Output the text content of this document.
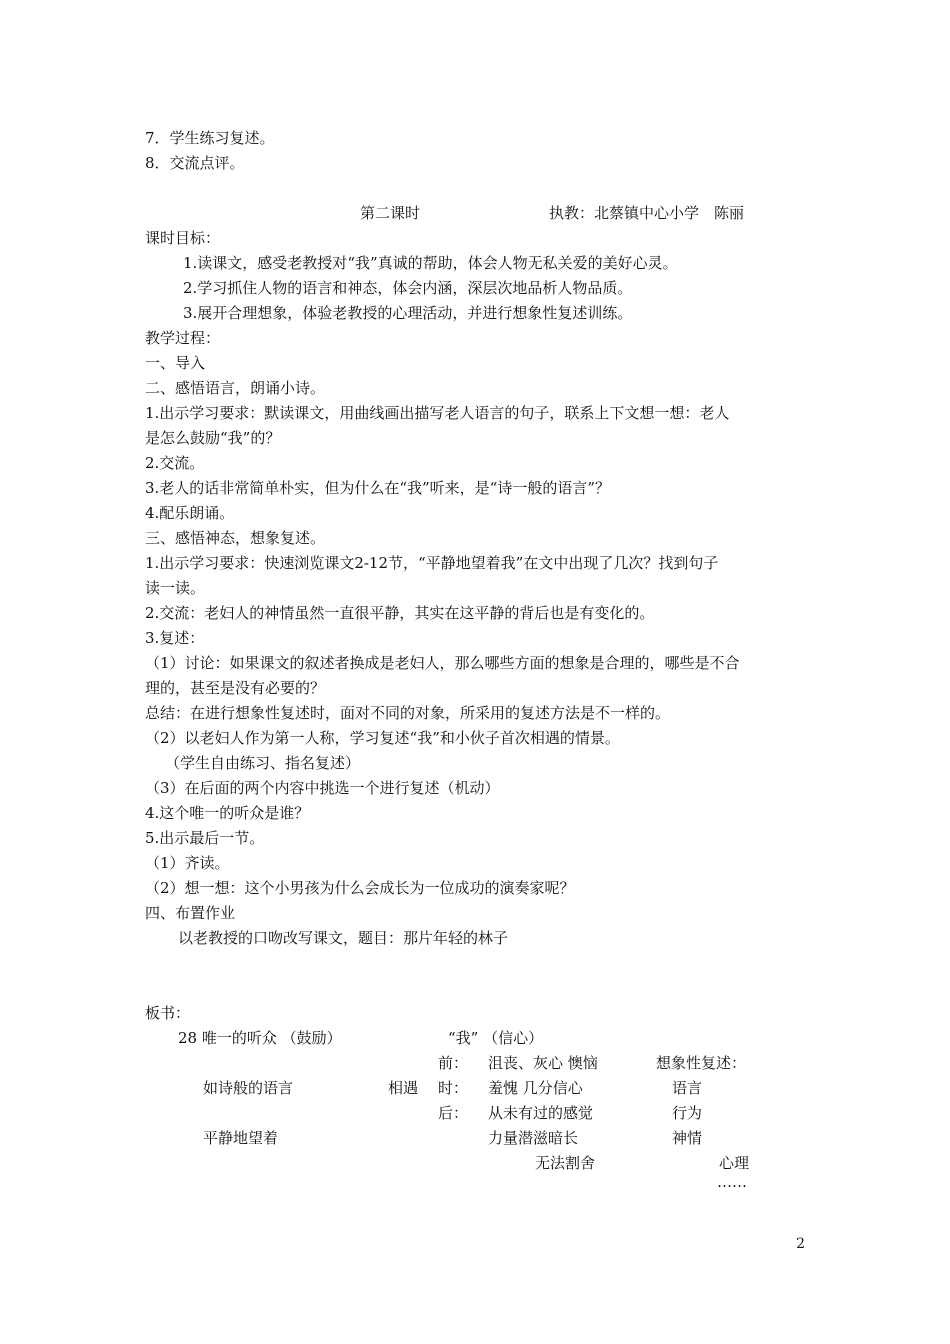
7．学生练习复述。
8．交流点评。
第二课时	执教：北蔡镇中心小学　陈丽
课时目标：
1.读课文，感受老教授对“我”真诚的帮助，体会人物无私关爱的美好心灵。
2.学习抓住人物的语言和神态，体会内涵，深层次地品析人物品质。
3.展开合理想象，体验老教授的心理活动，并进行想象性复述训练。
教学过程：
一、导入
二、感悟语言，朗诵小诗。
1.出示学习要求：默读课文，用曲线画出描写老人语言的句子，联系上下文想一想：老人
是怎么鼓励“我”的？
2.交流。
3.老人的话非常简单朴实，但为什么在“我”听来，是“诗一般的语言”？
4.配乐朗诵。
三、感悟神态，想象复述。
1.出示学习要求：快速浏览课文2-12节，“平静地望着我”在文中出现了几次？找到句子
读一读。
2.交流：老妇人的神情虽然一直很平静，其实在这平静的背后也是有变化的。
3.复述：
（1）讨论：如果课文的叙述者换成是老妇人，那么哪些方面的想象是合理的，哪些是不合
理的，甚至是没有必要的？
总结：在进行想象性复述时，面对不同的对象，所采用的复述方法是不一样的。
（2）以老妇人作为第一人称，学习复述“我”和小伙子首次相遇的情景。
（学生自由练习、指名复述）
（3）在后面的两个内容中挑选一个进行复述（机动）
4.这个唯一的听众是谁？
5.出示最后一节。
（1）齐读。
（2）想一想：这个小男孩为什么会成长为一位成功的演奏家呢？
四、布置作业
以老教授的口吻改写课文，题目：那片年轻的林子
板书：
28 唯一的听众 （鼓励）	“我” （信心）
前： 沮丧、灰心 懊恼	想象性复述：
如诗般的语言	相遇 时： 羞愧 几分信心	语言
后： 从未有过的感觉	行为
平静地望着	力量潜滋暗长	神情
无法割舍	心理
……
2
